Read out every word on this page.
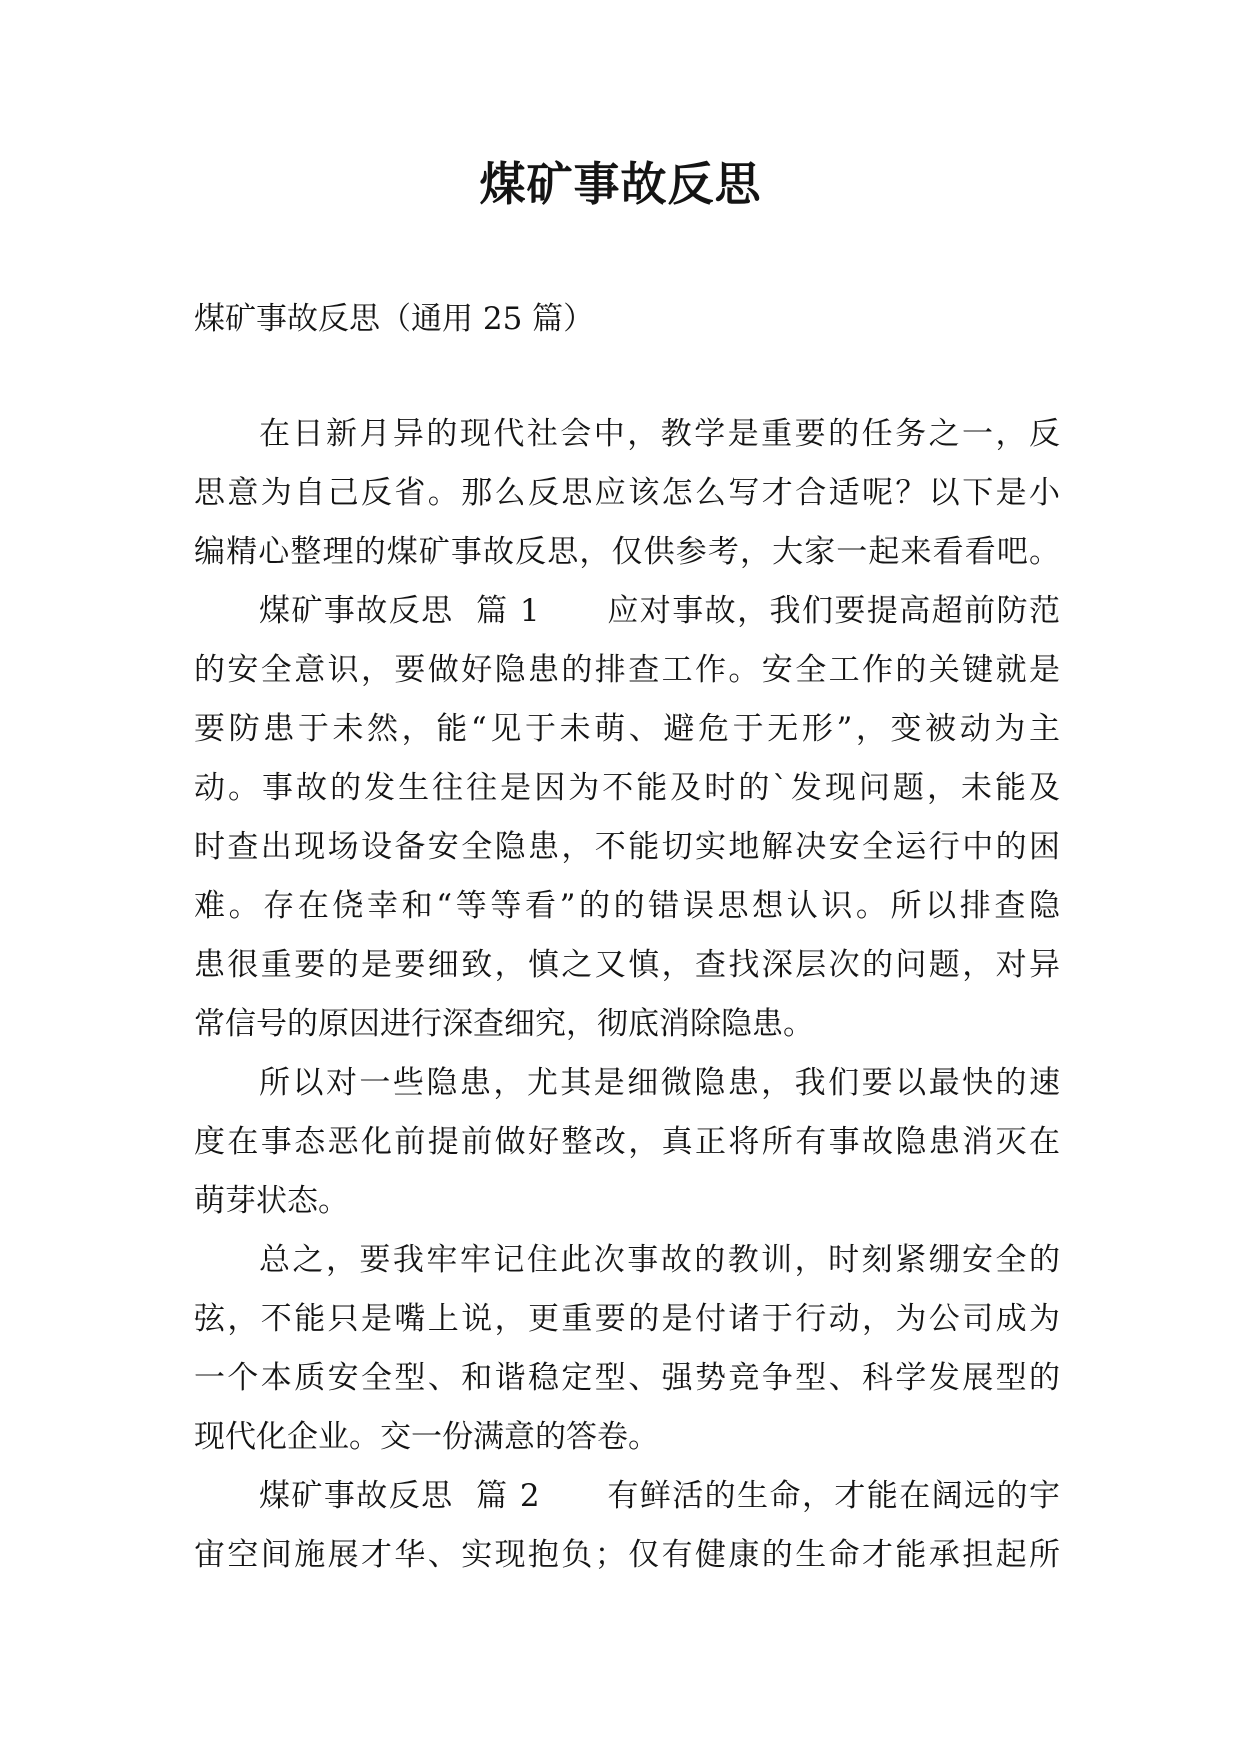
煤矿事故反思
煤矿事故反思（通用 25 篇）
在日新月异的现代社会中，教学是重要的任务之一，反
思意为自己反省。那么反思应该怎么写才合适呢？以下是小
编精心整理的煤矿事故反思，仅供参考，大家一起来看看吧。
煤矿事故反思  篇 1      应对事故，我们要提高超前防范
的安全意识，要做好隐患的排查工作。安全工作的关键就是
要防患于未然，能“见于未萌、避危于无形”，变被动为主
动。事故的发生往往是因为不能及时的`发现问题，未能及
时查出现场设备安全隐患，不能切实地解决安全运行中的困
难。存在侥幸和“等等看”的的错误思想认识。所以排查隐
患很重要的是要细致，慎之又慎，查找深层次的问题，对异
常信号的原因进行深查细究，彻底消除隐患。
所以对一些隐患，尤其是细微隐患，我们要以最快的速
度在事态恶化前提前做好整改，真正将所有事故隐患消灭在
萌芽状态。
总之，要我牢牢记住此次事故的教训，时刻紧绷安全的
弦，不能只是嘴上说，更重要的是付诸于行动，为公司成为
一个本质安全型、和谐稳定型、强势竞争型、科学发展型的
现代化企业。交一份满意的答卷。
煤矿事故反思  篇 2      有鲜活的生命，才能在阔远的宇
宙空间施展才华、实现抱负；仅有健康的生命才能承担起所
